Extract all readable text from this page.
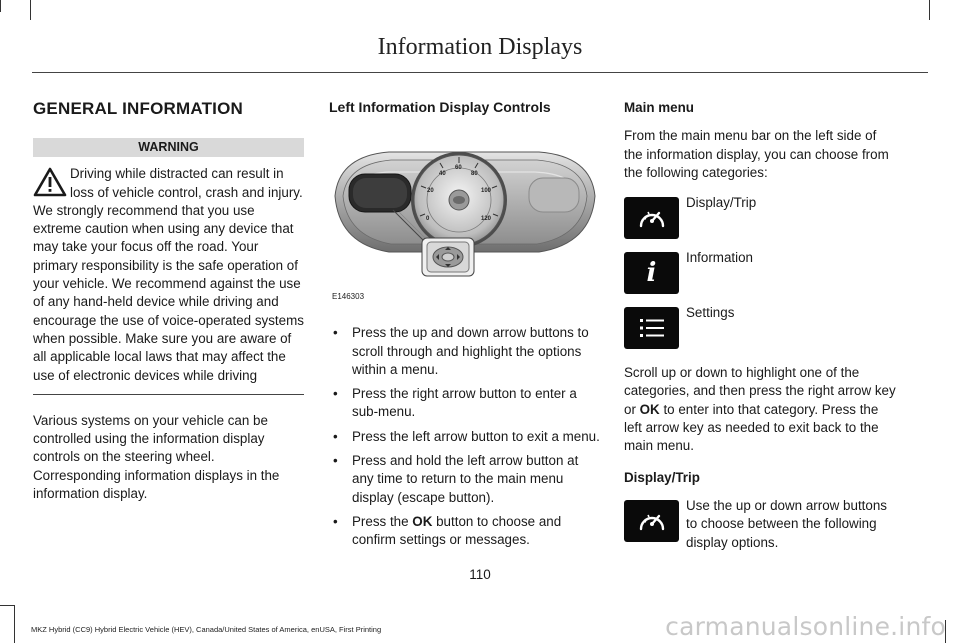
Information Displays
GENERAL INFORMATION
WARNING
Driving while distracted can result in loss of vehicle control, crash and injury. We strongly recommend that you use extreme caution when using any device that may take your focus off the road. Your primary responsibility is the safe operation of your vehicle. We recommend against the use of any hand-held device while driving and encourage the use of voice-operated systems when possible. Make sure you are aware of all applicable local laws that may affect the use of electronic devices while driving
Various systems on your vehicle can be controlled using the information display controls on the steering wheel. Corresponding information displays in the information display.
Left Information Display Controls
0
20
40
60
80
100
120
E146303
• Press the up and down arrow buttons to scroll through and highlight the options within a menu.
• Press the right arrow button to enter a sub-menu.
• Press the left arrow button to exit a menu.
• Press and hold the left arrow button at any time to return to the main menu display (escape button).
• Press the OK button to choose and confirm settings or messages.
Main menu
From the main menu bar on the left side of the information display, you can choose from the following categories:
Display/Trip
i
Information
Settings
Scroll up or down to highlight one of the categories, and then press the right arrow key or OK to enter into that category. Press the left arrow key as needed to exit back to the main menu.
Display/Trip
Use the up or down arrow buttons to choose between the following display options.
110
MKZ Hybrid (CC9) Hybrid Electric Vehicle (HEV), Canada/United States of America, enUSA, First Printing	carmanualsonline.info
